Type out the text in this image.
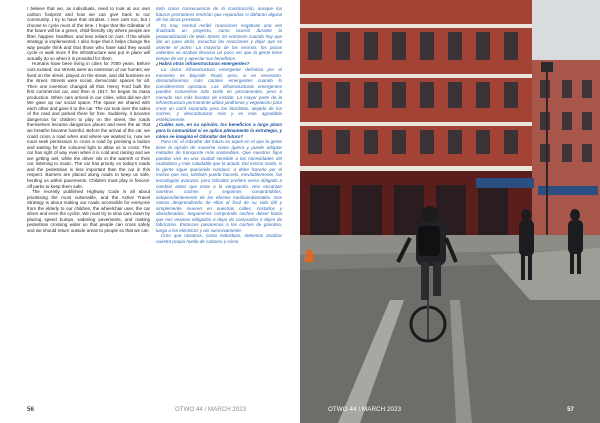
I believe that we, as individuals, need to look at our own carbon footprint and how we can give back to our community. I try to have that mindset. I love cars too, but I choose to cycle most of the time. I hope that the Gibraltar of the future will be a green, child-friendly city where people are fitter, happier, healthier, and less reliant on cars. If the whole strategy is implemented, I also hope that it helps change the way people think and that those who have said they would cycle or walk more if the infrastructure was put in place will actually do so when it is provided for them.

Humans have been living in cities for 7000 years. Before cars existed, our streets were an extension of our homes; we lived on the street, played on the street, and did business on the street. Streets were social, democratic spaces for all. Then one invention changed all that. Henry Ford built the first commercial car, and then in 1917, he began its mass production. When cars arrived in our cities, what did we do? We gave up our social space. The space we shared with each other and gave it to the car. The car took over the sides of the road and parked there for free. Suddenly, it became dangerous for children to play on the street, the roads themselves became dangerous places and even the air that we breathe became harmful. Before the arrival of the car, we could cross a road when and where we wanted to, now we must seek permission to cross a road by pressing a button and waiting for the coloured light to allow us to cross. The car has right of way even when it is cold and raining and we are getting wet, while the driver sits in the warmth or their car, listening to music. The car has priority on today's roads and the pedestrian is less important than the car in this respect. Barriers are placed along roads to keep us safe, herding us within pavements. Children must play in fenced-off parks to keep them safe.

The recently published Highway Code is all about prioritising the most vulnerable, and the Active Travel Strategy is about making our roads accessible for everyone from the elderly to our children, the wheelchair user, the car driver and even the cyclist. We must try to slow cars down by placing speed bumps, widening pavements, and making pedestrian crossing wider so that people can cross safely and we should return outside areas to people so that we can

tarlo como consecuencia de la construcción, aunque los futuros promotores tendrían que repararlas si dañaran alguna de las obras previstas.

Es muy normal recibir reacciones negativas una vez finalizado un proyecto, como ocurrió durante la peatonalización de Main Street. Es entonces cuando hay que dar un paso atrás, escuchar las reacciones y dejar que se asiente el polvo. La mayoría de los vecinos, los pocos valientes se acaban llevaron un poco ver que la gente tiene tiempo de ver y apreciar sus beneficios.

¿Habrá otras infraestructuras emergentes?

La única infraestructura emergente definitiva por el momento es Bayside Road, pero, si es necesario, desarrollaremos más carriles emergentes cuando lo consideremos oportuno. Las infraestructuras emergentes pueden convertirse más tarde en permanentes, pero a menudo son más baratas de instalar. La mayor parte de la infraestructura permanente utiliza jardineras y vegetación para crear un carril separado para los bicicletas, alejado de los coches, y descarbonizar más y es más agradable estéticamente.

¿Cuáles son, en su opinión, los beneficios a largo plazo para la comunidad si se aplica plenamente la estrategia, y cómo se imagina el Gibraltar del futuro?

Para mí, el Gibraltar del futuro es aquel en el que la gente tiene la opción de moverse como quiera y puede adoptar métodos de transporte más sostenibles. Que nuestros hijos puedan vivir en una ciudad sensible a las necesidades del ciudadano y más saludable que la actual. Del mismo modo, si la gente sigue queriendo conducir, o debe hacerlo por el motivo que sea, también puede hacerlo. Inevitablemente, las tecnologías avanzan, pero Gibraltar prefiere verse obligado a cambiar antes que estar a la vanguardia. Nos encantan nuestros coches y seguimos comprándolos, independientemente de los efectos medioambientales. Nos vamos desprendiendo de ellos al final de su vida útil y simplemente mueren en nuestras calles, costados y abandonados. Seguiremos comprando coches diésel hasta que nos veamos obligados a dejar de comprarlos o dejen de fabricarse. Entonces pasaremos a los coches de gasolina, luego a los eléctricos y así sucesivamente.

Creo que nosotros, como individuos, debemos analizar nuestra propia huella de carbono y cómo

56	OTWO 44 / MARCH 2023	OTWO 44 / MARCH 2023	57
